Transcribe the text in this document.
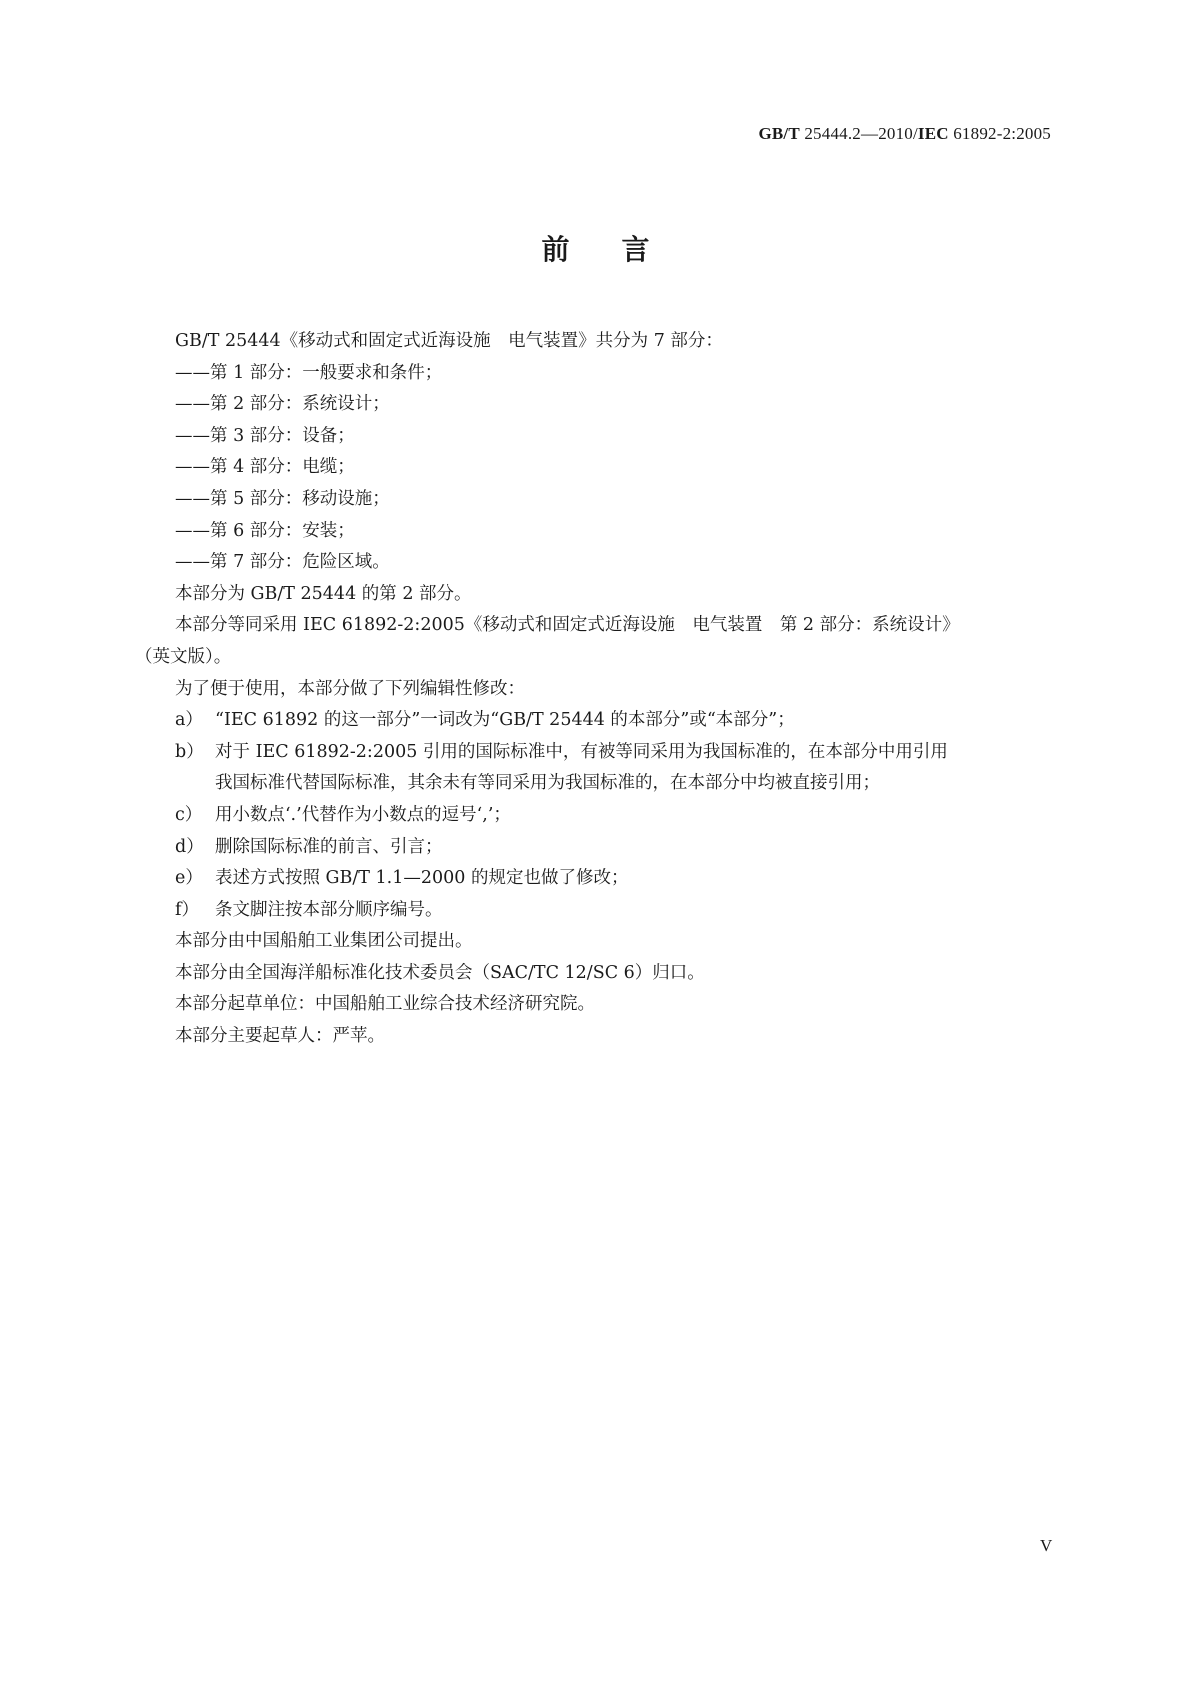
GB/T 25444.2—2010/IEC 61892-2:2005
前言
GB/T 25444《移动式和固定式近海设施　电气装置》共分为 7 部分：
——第 1 部分：一般要求和条件；
——第 2 部分：系统设计；
——第 3 部分：设备；
——第 4 部分：电缆；
——第 5 部分：移动设施；
——第 6 部分：安装；
——第 7 部分：危险区域。
本部分为 GB/T 25444 的第 2 部分。
本部分等同采用 IEC 61892-2:2005《移动式和固定式近海设施　电气装置　第 2 部分：系统设计》
（英文版）。
为了便于使用，本部分做了下列编辑性修改：
a） “IEC 61892 的这一部分”一词改为“GB/T 25444 的本部分”或“本部分”；
b） 对于 IEC 61892-2:2005 引用的国际标准中，有被等同采用为我国标准的，在本部分中用引用
我国标准代替国际标准，其余未有等同采用为我国标准的，在本部分中均被直接引用；
c） 用小数点‘.’代替作为小数点的逗号‘,’；
d） 删除国际标准的前言、引言；
e） 表述方式按照 GB/T 1.1—2000 的规定也做了修改；
f） 条文脚注按本部分顺序编号。
本部分由中国船舶工业集团公司提出。
本部分由全国海洋船标准化技术委员会（SAC/TC 12/SC 6）归口。
本部分起草单位：中国船舶工业综合技术经济研究院。
本部分主要起草人：严苹。
V
